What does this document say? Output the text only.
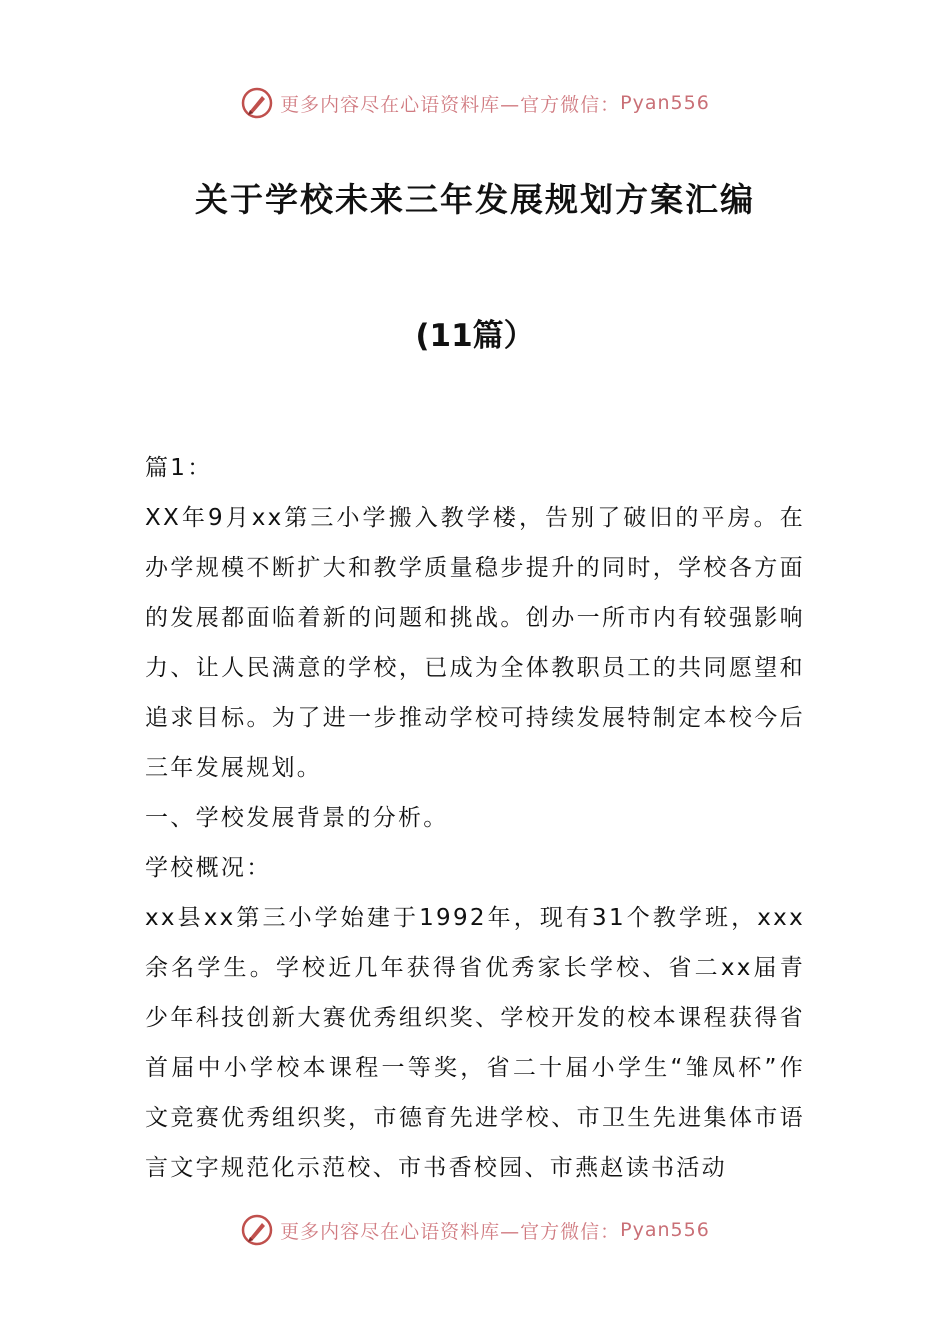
更多内容尽在心语资料库—官方微信： Pyan556
关于学校未来三年发展规划方案汇编
(11篇）

篇1：

XX年9月xx第三小学搬入教学楼，告别了破旧的平房。在办学规模不断扩大和教学质量稳步提升的同时，学校各方面的发展都面临着新的问题和挑战。创办一所市内有较强影响力、让人民满意的学校，已成为全体教职员工的共同愿望和追求目标。为了进一步推动学校可持续发展特制定本校今后三年发展规划。

一、学校发展背景的分析。

学校概况：

xx县xx第三小学始建于1992年，现有31个教学班，xxx余名学生。学校近几年获得省优秀家长学校、省二xx届青少年科技创新大赛优秀组织奖、学校开发的校本课程获得省首届中小学校本课程一等奖，省二十届小学生“雏凤杯”作文竞赛优秀组织奖，市德育先进学校、市卫生先进集体市语言文字规范化示范校、市书香校园、市燕赵读书活动

更多内容尽在心语资料库—官方微信： Pyan556
